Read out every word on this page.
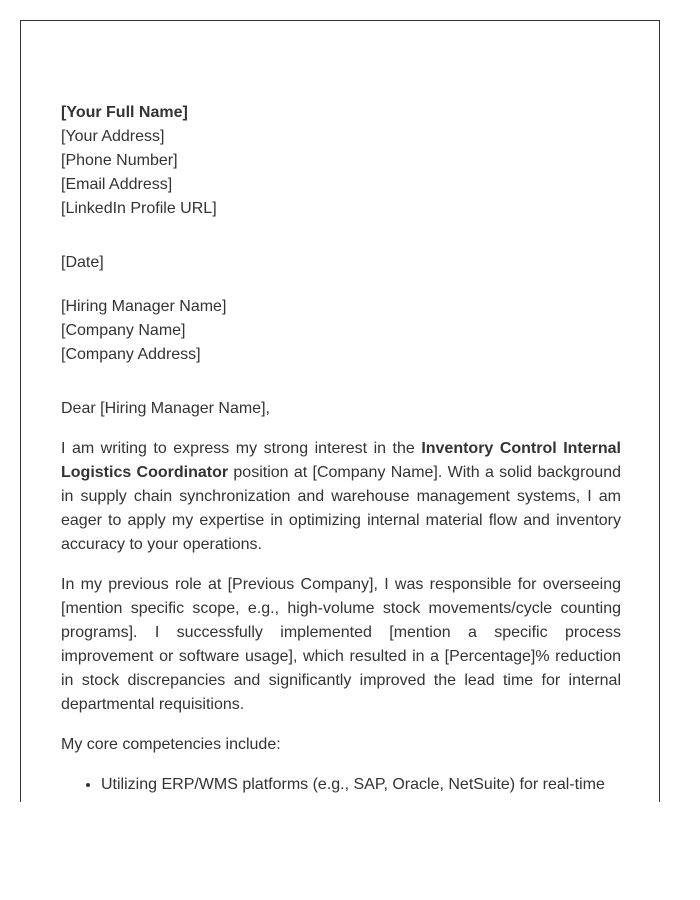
[Your Full Name]
[Your Address]
[Phone Number]
[Email Address]
[LinkedIn Profile URL]
[Date]
[Hiring Manager Name]
[Company Name]
[Company Address]
Dear [Hiring Manager Name],

I am writing to express my strong interest in the Inventory Control Internal Logistics Coordinator position at [Company Name]. With a solid background in supply chain synchronization and warehouse management systems, I am eager to apply my expertise in optimizing internal material flow and inventory accuracy to your operations.

In my previous role at [Previous Company], I was responsible for overseeing [mention specific scope, e.g., high-volume stock movements/cycle counting programs]. I successfully implemented [mention a specific process improvement or software usage], which resulted in a [Percentage]% reduction in stock discrepancies and significantly improved the lead time for internal departmental requisitions.

My core competencies include:

• Utilizing ERP/WMS platforms (e.g., SAP, Oracle, NetSuite) for real-time
